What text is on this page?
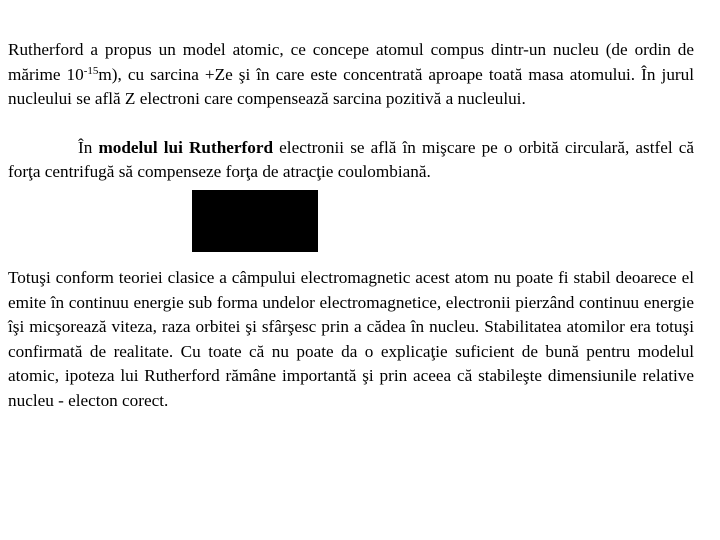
Rutherford a propus un model atomic, ce concepe atomul compus dintr-un nucleu (de ordin de mărime $10^{-15}m$), cu sarcina +Ze şi în care este concentrată aproape toată masa atomului. În jurul nucleului se află Z electroni care compensează sarcina pozitivă a nucleului.

În modelul lui Rutherford electronii se află în mişcare pe o orbită circulară, astfel că forţa centrifugă să compenseze forţa de atracţie coulombiană.

Totuşi conform teoriei clasice a câmpului electromagnetic acest atom nu poate fi stabil deoarece el emite în continuu energie sub forma undelor electromagnetice, electronii pierzând continuu energie îşi micşorează viteza, raza orbitei şi sfârşesc prin a cădea în nucleu. Stabilitatea atomilor era totuşi confirmată de realitate. Cu toate că nu poate da o explicaţie suficient de bună pentru modelul atomic, ipoteza lui Rutherford rămâne importantă şi prin aceea că stabileşte dimensiunile relative nucleu - electon corect.
